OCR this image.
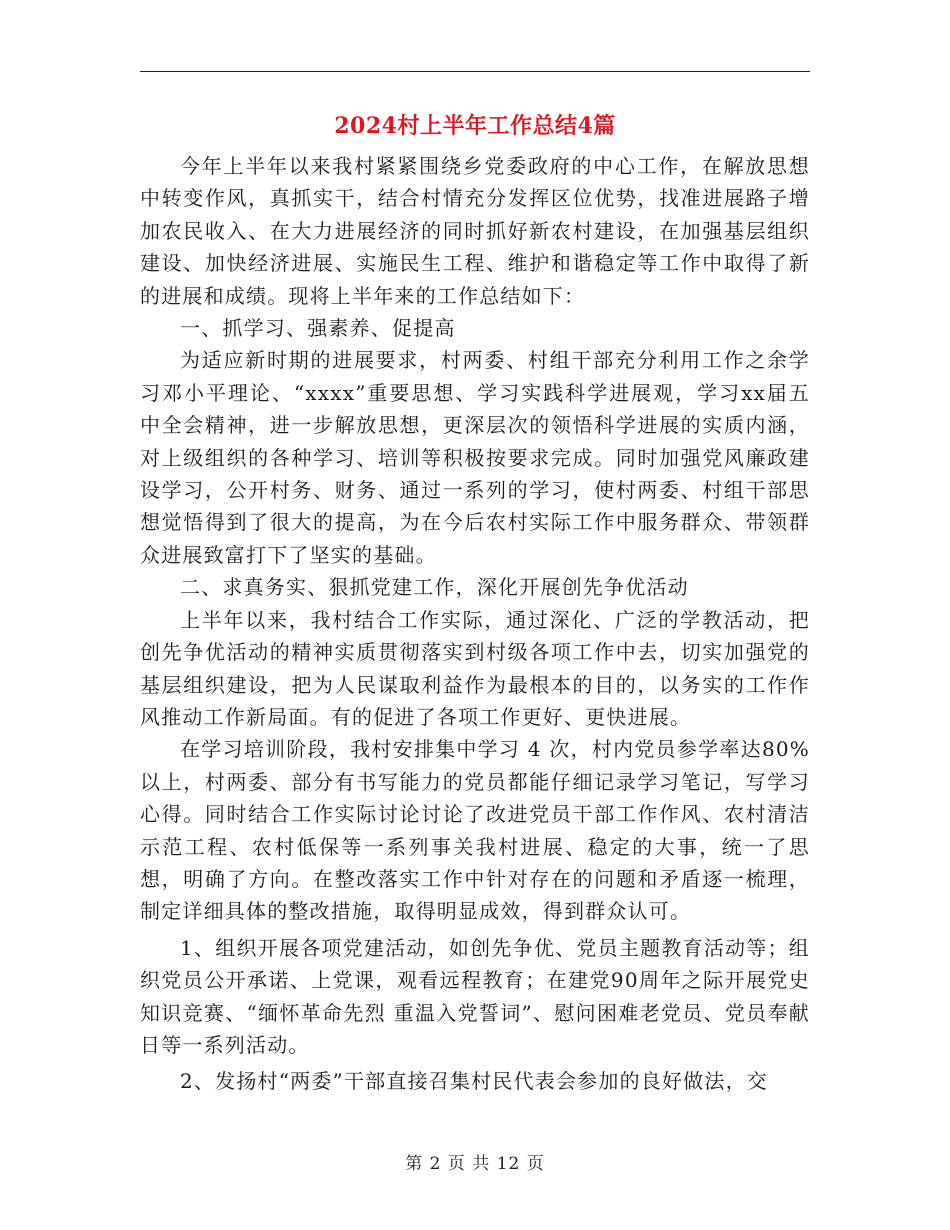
2024村上半年工作总结4篇

今年上半年以来我村紧紧围绕乡党委政府的中心工作，在解放思想中转变作风，真抓实干，结合村情充分发挥区位优势，找准进展路子增加农民收入、在大力进展经济的同时抓好新农村建设，在加强基层组织建设、加快经济进展、实施民生工程、维护和谐稳定等工作中取得了新的进展和成绩。现将上半年来的工作总结如下：

一、抓学习、强素养、促提高

为适应新时期的进展要求，村两委、村组干部充分利用工作之余学习邓小平理论、“xxxx”重要思想、学习实践科学进展观，学习xx届五中全会精神，进一步解放思想，更深层次的领悟科学进展的实质内涵，对上级组织的各种学习、培训等积极按要求完成。同时加强党风廉政建设学习，公开村务、财务、通过一系列的学习，使村两委、村组干部思想觉悟得到了很大的提高，为在今后农村实际工作中服务群众、带领群众进展致富打下了坚实的基础。

二、求真务实、狠抓党建工作，深化开展创先争优活动

上半年以来，我村结合工作实际，通过深化、广泛的学教活动，把创先争优活动的精神实质贯彻落实到村级各项工作中去，切实加强党的基层组织建设，把为人民谋取利益作为最根本的目的，以务实的工作作风推动工作新局面。有的促进了各项工作更好、更快进展。

在学习培训阶段，我村安排集中学习 4 次，村内党员参学率达80%以上，村两委、部分有书写能力的党员都能仔细记录学习笔记，写学习心得。同时结合工作实际讨论讨论了改进党员干部工作作风、农村清洁示范工程、农村低保等一系列事关我村进展、稳定的大事，统一了思想，明确了方向。在整改落实工作中针对存在的问题和矛盾逐一梳理，制定详细具体的整改措施，取得明显成效，得到群众认可。

1、组织开展各项党建活动，如创先争优、党员主题教育活动等；组织党员公开承诺、上党课，观看远程教育；在建党90周年之际开展党史知识竞赛、“缅怀革命先烈 重温入党誓词”、慰问困难老党员、党员奉献日等一系列活动。

2、发扬村“两委”干部直接召集村民代表会参加的良好做法，交

第 2 页 共 12 页
